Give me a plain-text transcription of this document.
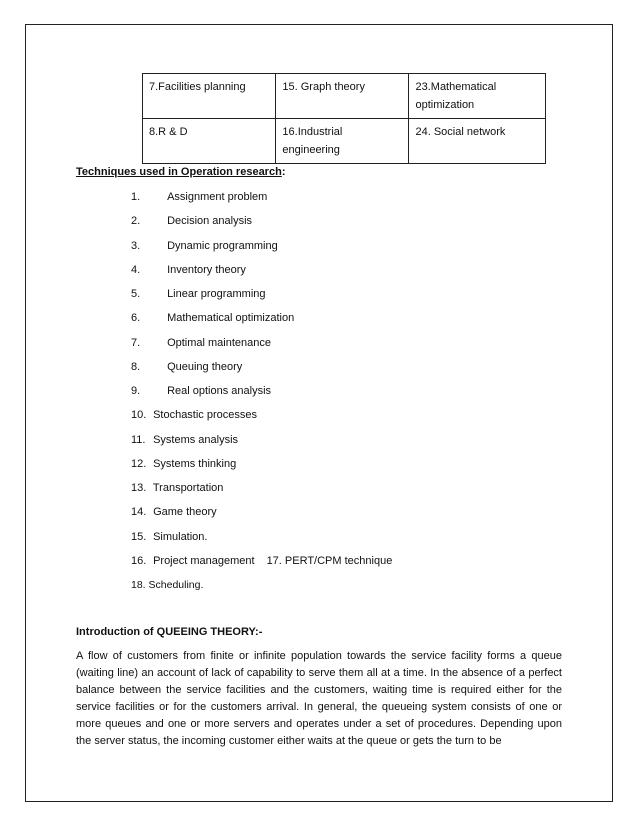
7.Facilities planning	15. Graph theory	23.Mathematical optimization
8.R & D	16.Industrial engineering	24. Social network
Techniques used in Operation research:
1. Assignment problem
2. Decision analysis
3. Dynamic programming
4. Inventory theory
5. Linear programming
6. Mathematical optimization
7. Optimal maintenance
8. Queuing theory
9. Real options analysis
10. Stochastic processes
11. Systems analysis
12. Systems thinking
13. Transportation
14. Game theory
15. Simulation.
16. Project management 17. PERT/CPM technique
18. Scheduling.
Introduction of QUEEING THEORY:-

A flow of customers from finite or infinite population towards the service facility forms a queue (waiting line) an account of lack of capability to serve them all at a time. In the absence of a perfect balance between the service facilities and the customers, waiting time is required either for the service facilities or for the customers arrival. In general, the queueing system consists of one or more queues and one or more servers and operates under a set of procedures. Depending upon the server status, the incoming customer either waits at the queue or gets the turn to be
